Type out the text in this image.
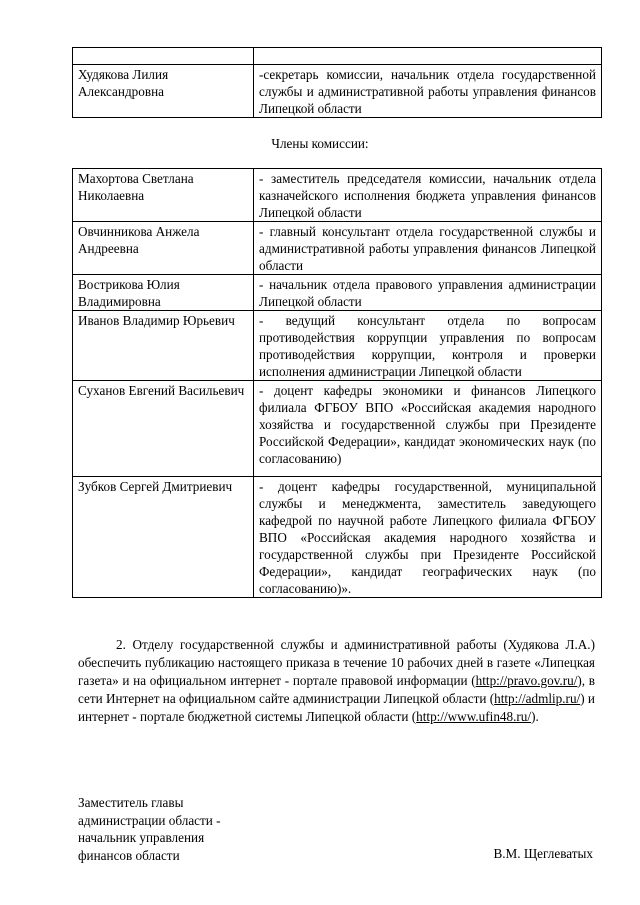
Худякова Лилия Александровна	-секретарь комиссии, начальник отдела государственной службы и административной работы управления финансов Липецкой области
Члены комиссии:
Махортова Светлана Николаевна	- заместитель председателя комиссии, начальник отдела казначейского исполнения бюджета управления финансов Липецкой области
Овчинникова Анжела Андреевна	- главный консультант отдела государственной службы и административной работы управления финансов Липецкой области
Вострикова Юлия Владимировна	- начальник отдела правового управления администрации Липецкой области
Иванов Владимир Юрьевич	- ведущий консультант отдела по вопросам противодействия коррупции управления по вопросам противодействия коррупции, контроля и проверки исполнения администрации Липецкой области
Суханов Евгений Васильевич	- доцент кафедры экономики и финансов Липецкого филиала ФГБОУ ВПО «Российская академия народного хозяйства и государственной службы при Президенте Российской Федерации», кандидат экономических наук (по согласованию)
Зубков Сергей Дмитриевич	- доцент кафедры государственной, муниципальной службы и менеджмента, заместитель заведующего кафедрой по научной работе Липецкого филиала ФГБОУ ВПО «Российская академия народного хозяйства и государственной службы при Президенте Российской Федерации», кандидат географических наук (по согласованию)».
2. Отделу государственной службы и административной работы (Худякова Л.А.) обеспечить публикацию настоящего приказа в течение 10 рабочих дней в газете «Липецкая газета» и на официальном интернет - портале правовой информации (http://pravo.gov.ru/), в сети Интернет на официальном сайте администрации Липецкой области (http://admlip.ru/) и интернет - портале бюджетной системы Липецкой области (http://www.ufin48.ru/).
Заместитель главы
администрации области -
начальник управления
финансов области	В.М. Щеглеватых
